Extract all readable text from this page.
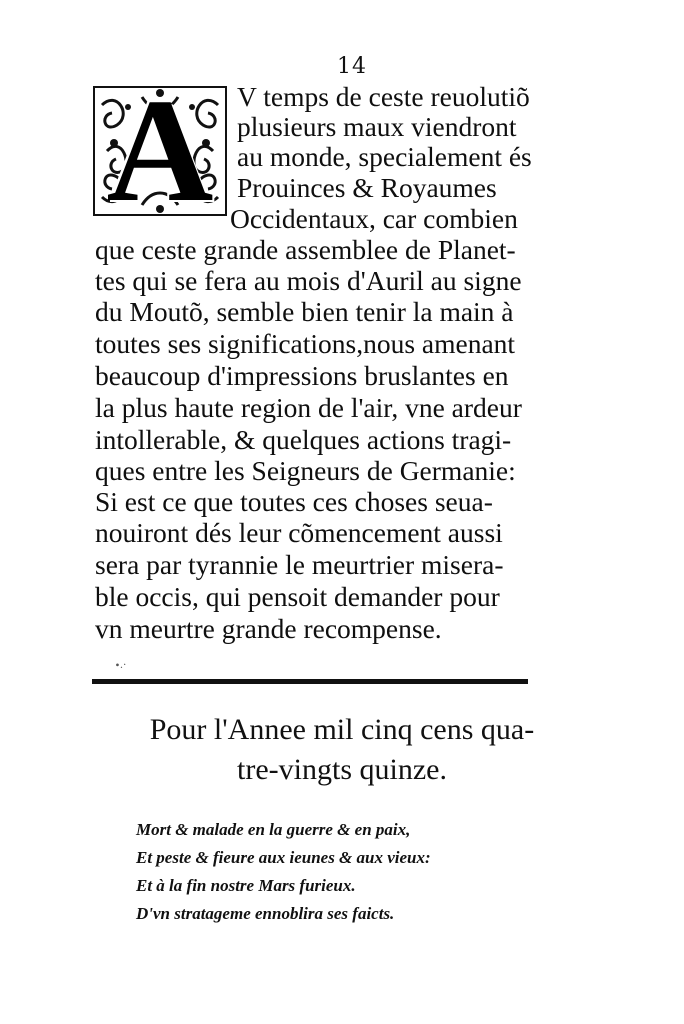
14
A V temps de ceste reuolutiõ
plusieurs maux viendront
au monde, specialement és
Prouinces & Royaumes
Occidentaux, car combien
que ceste grande assemblee de Planet-
tes qui se fera au mois d'Auril au signe
du Moutõ, semble bien tenir la main à
toutes ses significations,nous amenant
beaucoup d'impressions bruslantes en
la plus haute region de l'air, vne ardeur
intollerable, & quelques actions tragi-
ques entre les Seigneurs de Germanie:
Si est ce que toutes ces choses seua-
nouiront dés leur cõmencement aussi
sera par tyrannie le meurtrier misera-
ble occis, qui pensoit demander pour
vn meurtre grande recompense.
∙.·
Pour l'Annee mil cinq cens qua-
tre-vingts quinze.
Mort & malade en la guerre & en paix,
Et peste & fieure aux ieunes & aux vieux:
Et à la fin nostre Mars furieux.
D'vn stratageme ennoblira ses faicts.
